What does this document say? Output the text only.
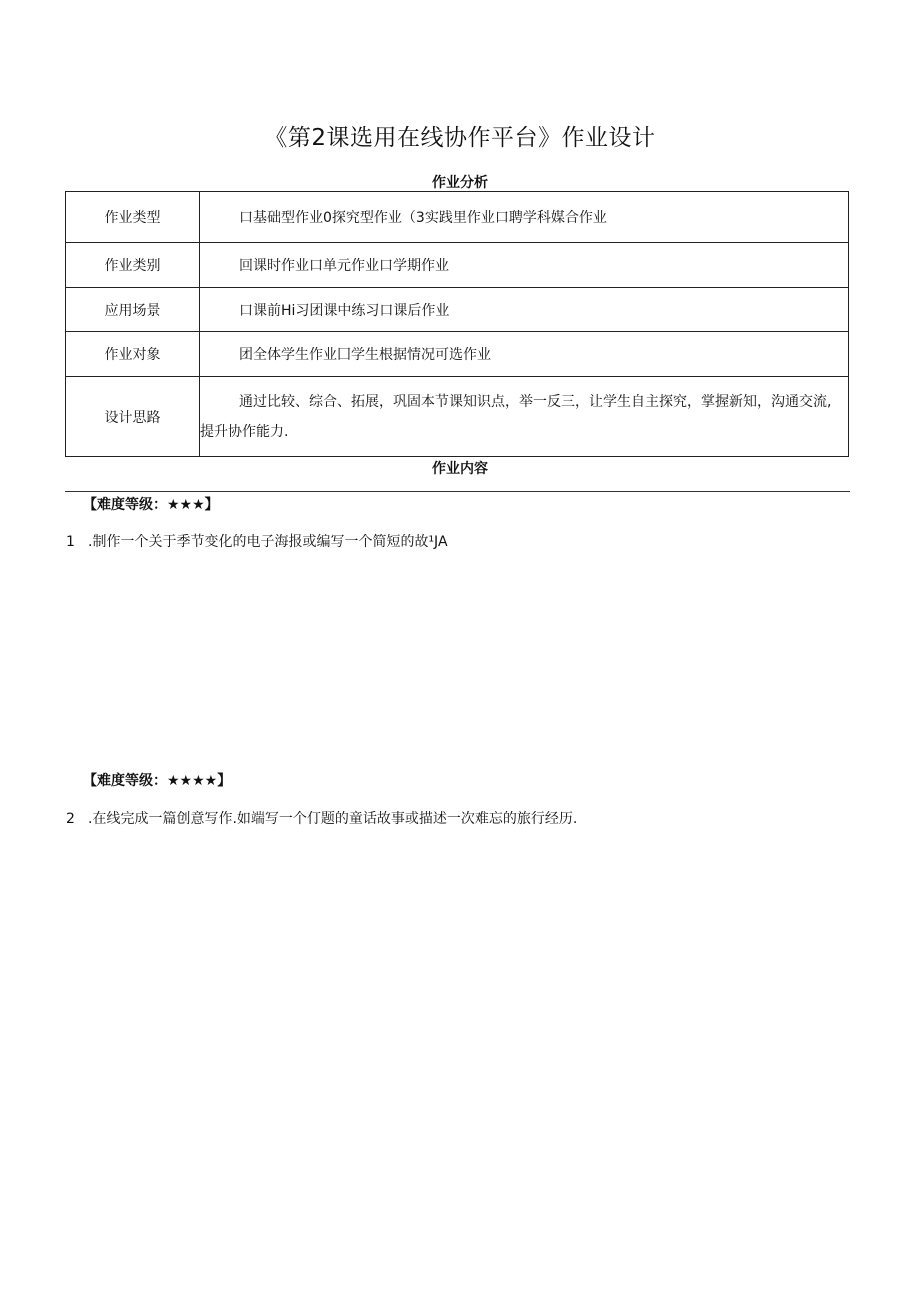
《第2课选用在线协作平台》作业设计
作业分析
作业类型	口基础型作业0探究型作业（3实践里作业口聘学科媒合作业
作业类别	回课时作业口单元作业口学期作业
应用场景	口课前Hi习团课中练习口课后作业
作业对象	团全体学生作业囗学生根据情况可选作业
设计思路	通过比较、综合、拓展，巩固本节课知识点，举一反三，让学生自主探究，掌握新知，沟通交流,提升协作能力.
作业内容
【难度等级：★★★】
1 .制作一个关于季节变化的电子海报或编写一个简短的故¹JA
【难度等级：★★★★】
2 .在线完成一篇创意写作.如端写一个仃题的童话故事或描述一次难忘的旅行经历.
